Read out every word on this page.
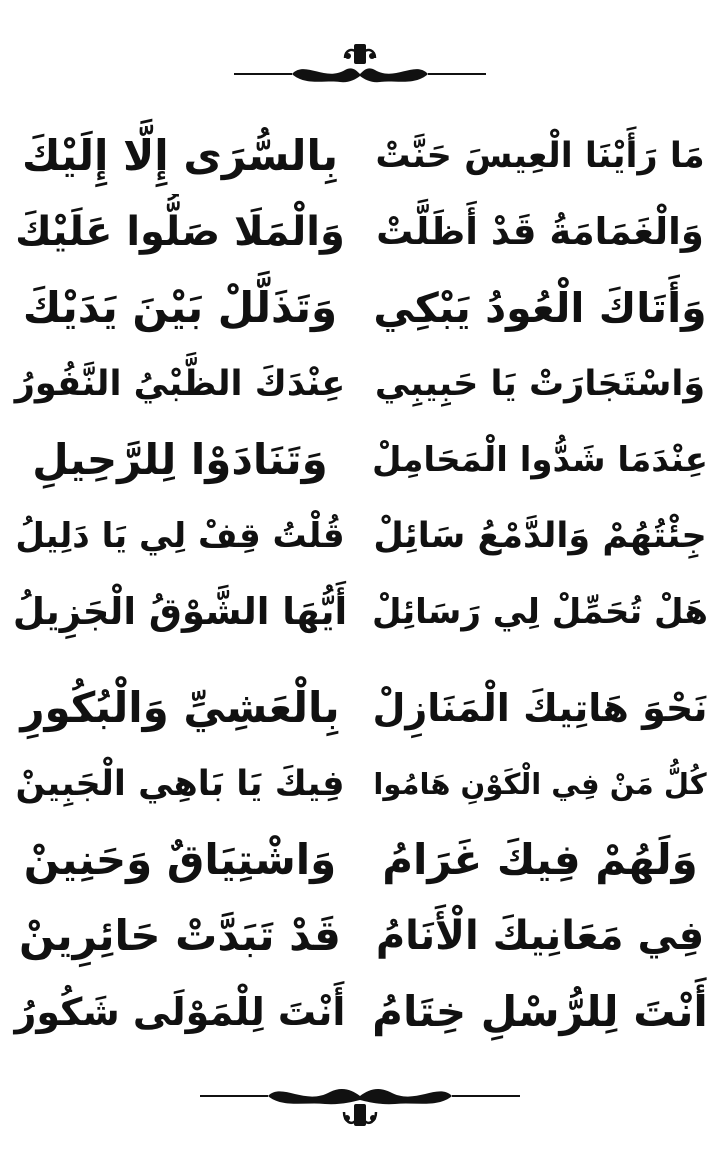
مَا رَأَيْنَا الْعِيسَ حَنَّتْ
وَالْغَمَامَةُ قَدْ أَظَلَّتْ
وَأَتَاكَ الْعُودُ يَبْكِي
وَاسْتَجَارَتْ يَا حَبِيبِي
عِنْدَمَا شَدُّوا الْمَحَامِلْ
جِئْتُهُمْ وَالدَّمْعُ سَائِلْ
هَلْ تُحَمِّلْ لِي رَسَائِلْ
بِالسُّرَى إِلَّا إِلَيْكَ
وَالْمَلَا صَلُّوا عَلَيْكَ
وَتَذَلَّلْ بَيْنَ يَدَيْكَ
عِنْدَكَ الظَّبْيُ النَّفُورُ
وَتَنَادَوْا لِلرَّحِيلِ
قُلْتُ قِفْ لِي يَا دَلِيلُ
أَيُّهَا الشَّوْقُ الْجَزِيلُ
نَحْوَ هَاتِيكَ الْمَنَازِلْ
كُلُّ مَنْ فِي الْكَوْنِ هَامُوا
وَلَهُمْ فِيكَ غَرَامُ
فِي مَعَانِيكَ الْأَنَامُ
أَنْتَ لِلرُّسْلِ خِتَامُ
بِالْعَشِيِّ وَالْبُكُورِ
فِيكَ يَا بَاهِي الْجَبِينْ
وَاشْتِيَاقٌ وَحَنِينْ
قَدْ تَبَدَّتْ حَائِرِينْ
أَنْتَ لِلْمَوْلَى شَكُورُ
